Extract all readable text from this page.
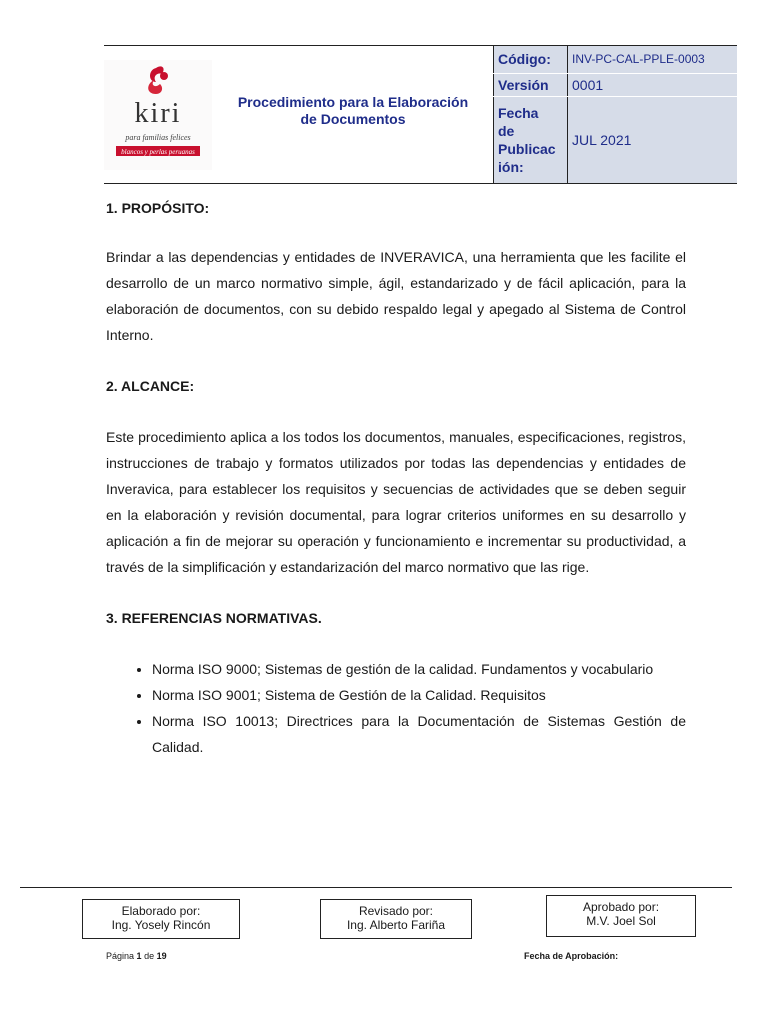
kiri
para familias felices
blancos y perlas peruanas
Procedimiento para la Elaboración
de Documentos
Código:	INV-PC-CAL-PPLE-0003
Versión	0001

Fecha
de
Publicac
ión:	JUL 2021

1. PROPÓSITO:

Brindar a las dependencias y entidades de INVERAVICA, una herramienta que les facilite el desarrollo de un marco normativo simple, ágil, estandarizado y de fácil aplicación, para la elaboración de documentos, con su debido respaldo legal y apegado al Sistema de Control Interno.

2. ALCANCE:

Este procedimiento aplica a los todos los documentos, manuales, especificaciones, registros, instrucciones de trabajo y formatos utilizados por todas las dependencias y entidades de Inveravica, para establecer los requisitos y secuencias de actividades que se deben seguir en la elaboración y revisión documental, para lograr criterios uniformes en su desarrollo y aplicación a fin de mejorar su operación y funcionamiento e incrementar su productividad, a través de la simplificación y estandarización del marco normativo que las rige.

3. REFERENCIAS NORMATIVAS.

• Norma ISO 9000; Sistemas de gestión de la calidad. Fundamentos y vocabulario
• Norma ISO 9001; Sistema de Gestión de la Calidad. Requisitos
• Norma ISO 10013; Directrices para la Documentación de Sistemas Gestión de Calidad.
Elaborado por:
Ing. Yosely Rincón
Revisado por:
Ing. Alberto Fariña
Aprobado por:
M.V. Joel Sol
Página 1 de 19	Fecha de Aprobación:
